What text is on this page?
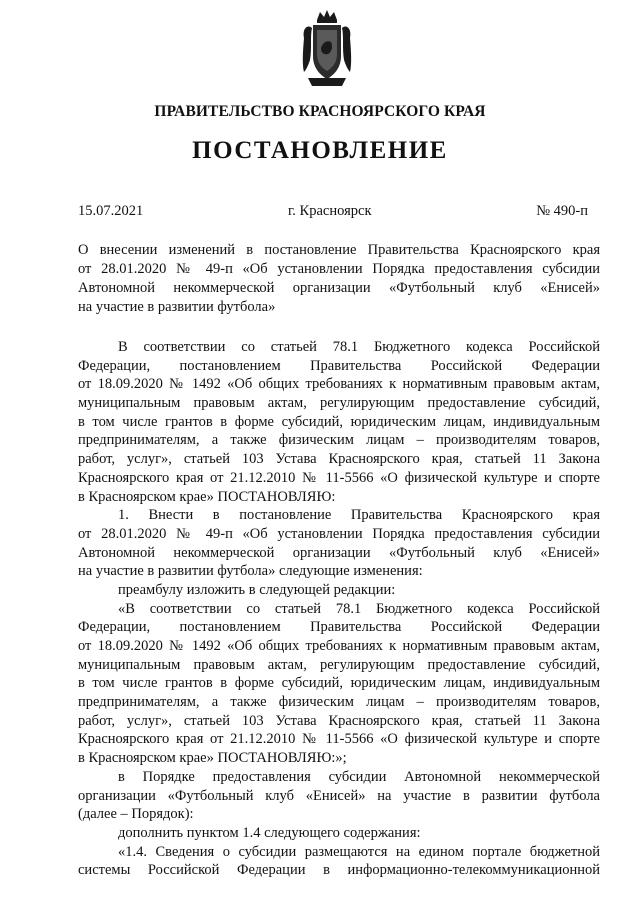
ПРАВИТЕЛЬСТВО КРАСНОЯРСКОГО КРАЯ
ПОСТАНОВЛЕНИЕ
15.07.2021	г. Красноярск	№ 490-п
О внесении изменений в постановление Правительства Красноярского края
от 28.01.2020 № 49-п «Об установлении Порядка предоставления субсидии
Автономной некоммерческой организации «Футбольный клуб «Енисей»
на участие в развитии футбола»
В соответствии со статьей 78.1 Бюджетного кодекса Российской
Федерации, постановлением Правительства Российской Федерации
от 18.09.2020 № 1492 «Об общих требованиях к нормативным правовым актам,
муниципальным правовым актам, регулирующим предоставление субсидий,
в том числе грантов в форме субсидий, юридическим лицам, индивидуальным
предпринимателям, а также физическим лицам – производителям товаров,
работ, услуг», статьей 103 Устава Красноярского края, статьей 11 Закона
Красноярского края от 21.12.2010 № 11-5566 «О физической культуре и спорте
в Красноярском крае» ПОСТАНОВЛЯЮ:
1. Внести в постановление Правительства Красноярского края
от 28.01.2020 № 49-п «Об установлении Порядка предоставления субсидии
Автономной некоммерческой организации «Футбольный клуб «Енисей»
на участие в развитии футбола» следующие изменения:
преамбулу изложить в следующей редакции:
«В соответствии со статьей 78.1 Бюджетного кодекса Российской
Федерации, постановлением Правительства Российской Федерации
от 18.09.2020 № 1492 «Об общих требованиях к нормативным правовым актам,
муниципальным правовым актам, регулирующим предоставление субсидий,
в том числе грантов в форме субсидий, юридическим лицам, индивидуальным
предпринимателям, а также физическим лицам – производителям товаров,
работ, услуг», статьей 103 Устава Красноярского края, статьей 11 Закона
Красноярского края от 21.12.2010 № 11-5566 «О физической культуре и спорте
в Красноярском крае» ПОСТАНОВЛЯЮ:»;
в Порядке предоставления субсидии Автономной некоммерческой
организации «Футбольный клуб «Енисей» на участие в развитии футбола
(далее – Порядок):
дополнить пунктом 1.4 следующего содержания:
«1.4. Сведения о субсидии размещаются на едином портале бюджетной
системы Российской Федерации в информационно-телекоммуникационной
